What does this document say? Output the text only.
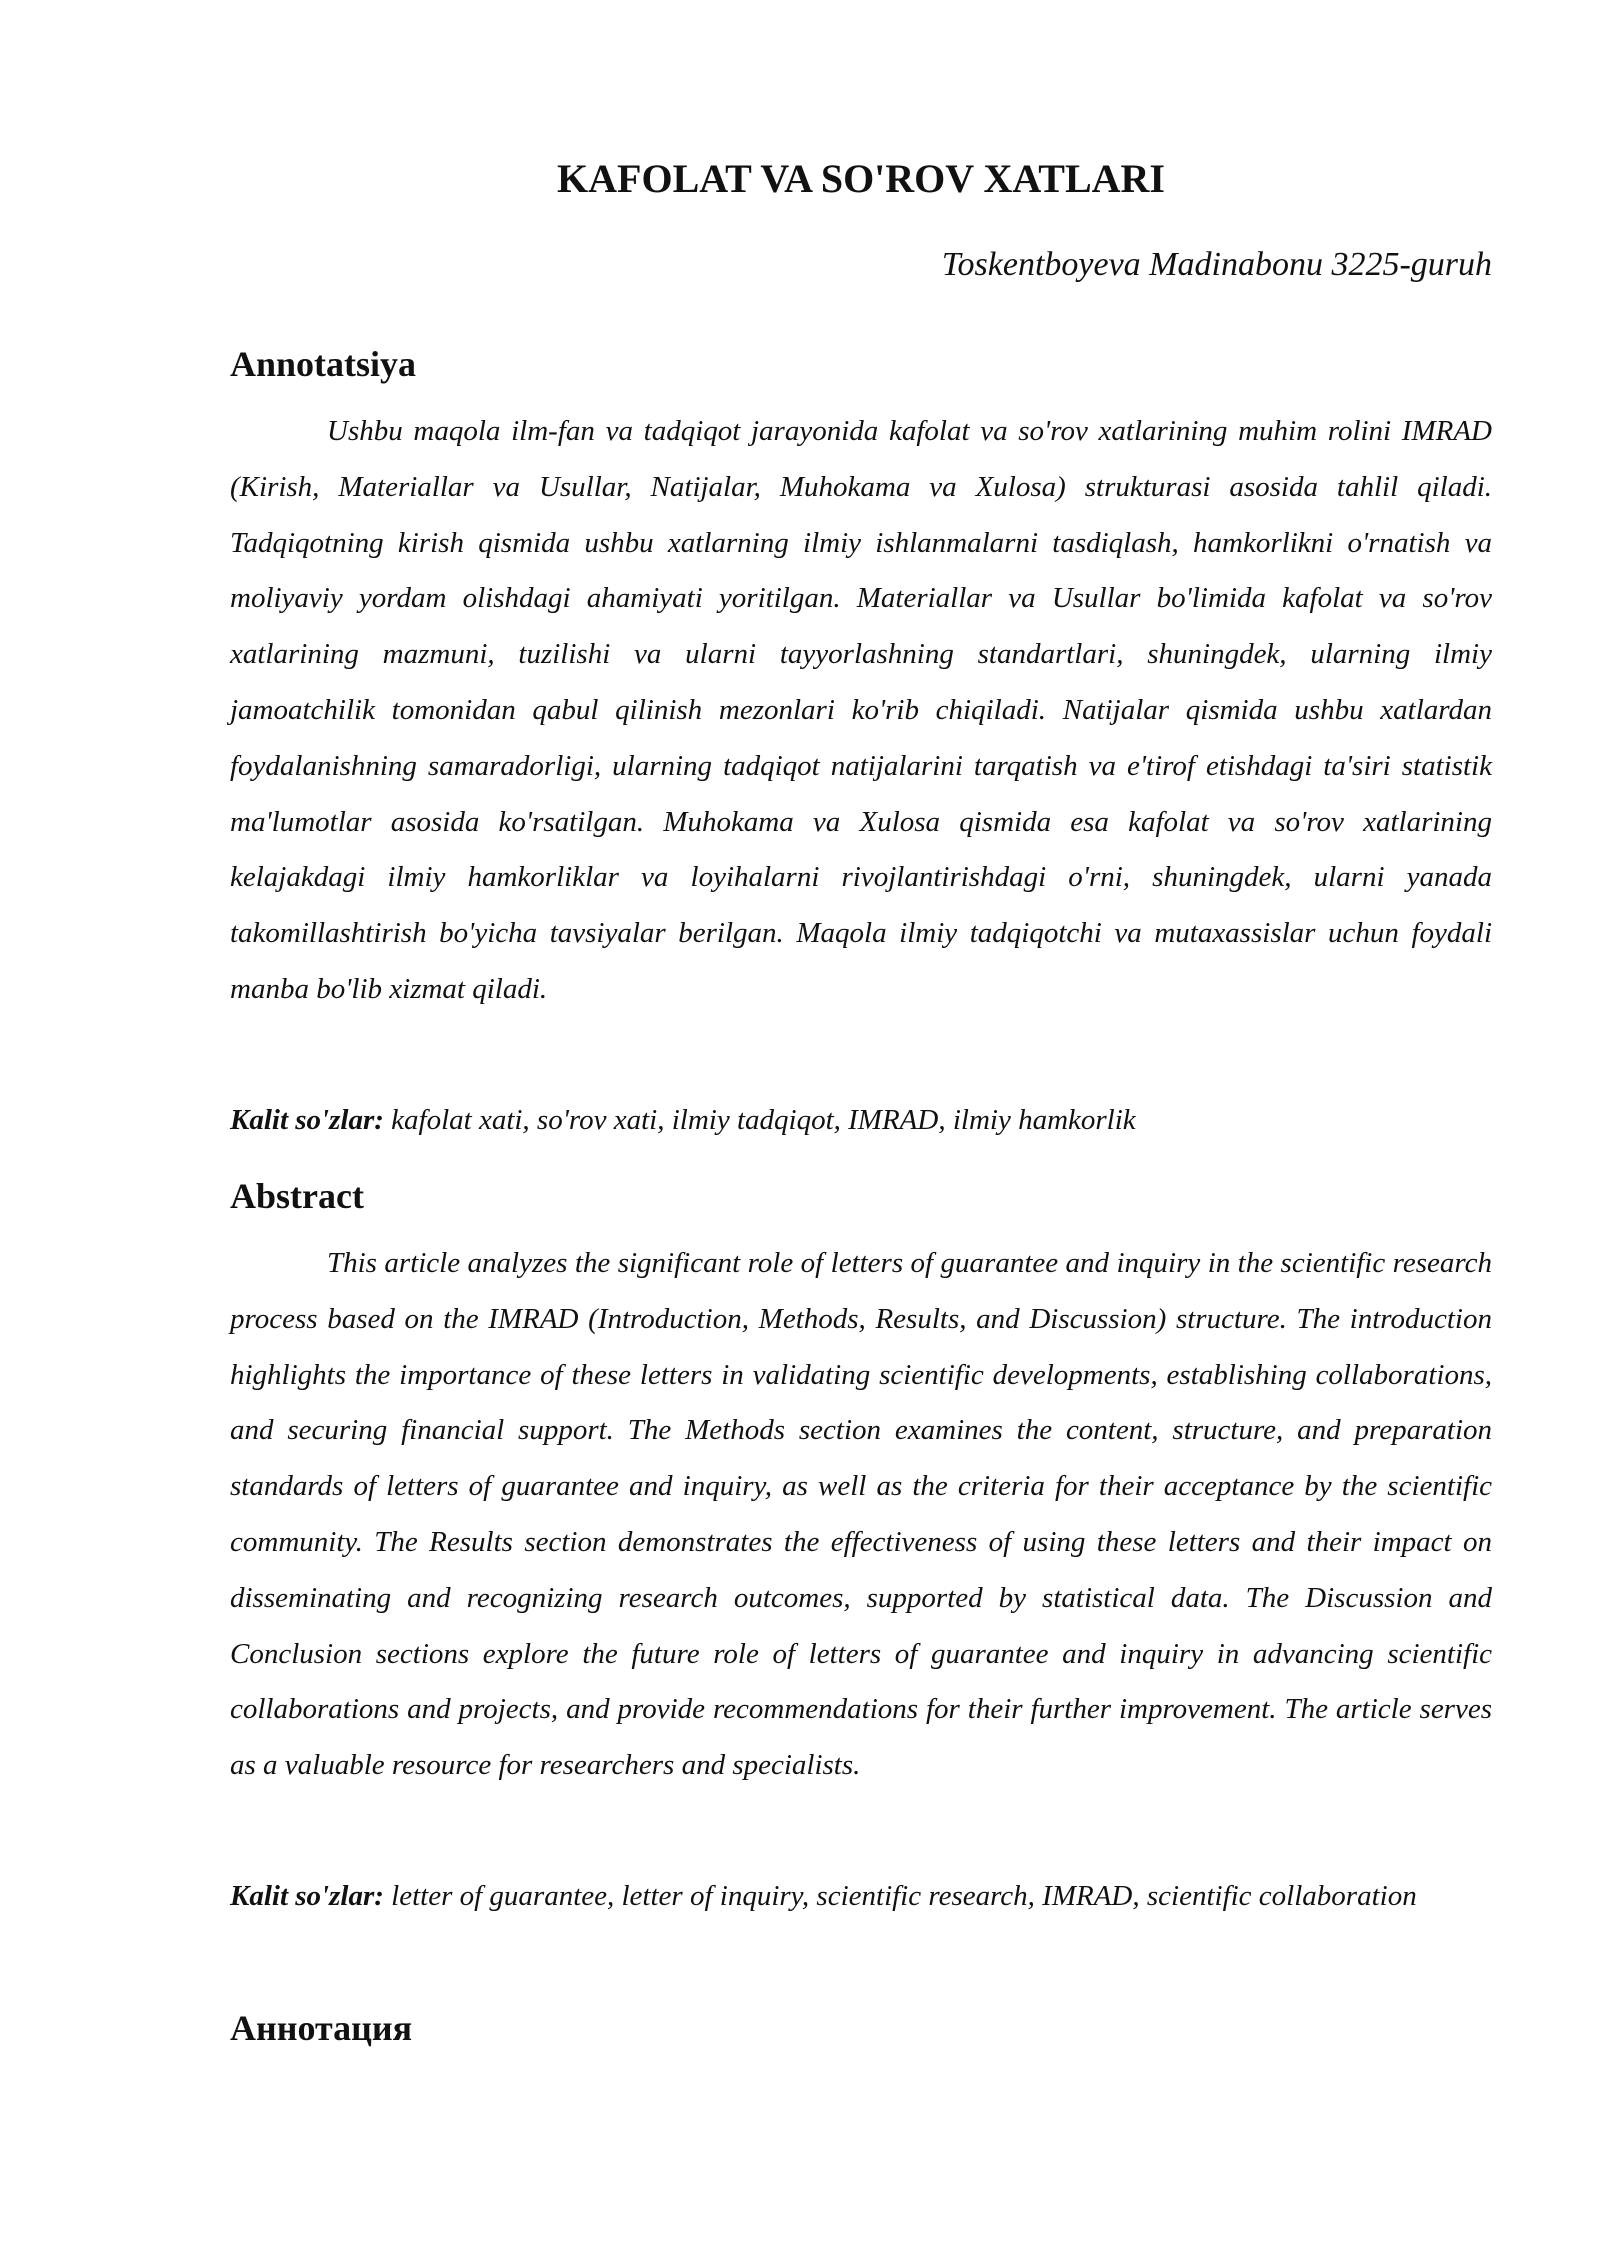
KAFOLAT VA SO'ROV XATLARI

Toskentboyeva Madinabonu 3225-guruh

Annotatsiya

Ushbu maqola ilm-fan va tadqiqot jarayonida kafolat va so'rov xatlarining muhim rolini IMRAD (Kirish, Materiallar va Usullar, Natijalar, Muhokama va Xulosa) strukturasi asosida tahlil qiladi. Tadqiqotning kirish qismida ushbu xatlarning ilmiy ishlanmalarni tasdiqlash, hamkorlikni o'rnatish va moliyaviy yordam olishdagi ahamiyati yoritilgan. Materiallar va Usullar bo'limida kafolat va so'rov xatlarining mazmuni, tuzilishi va ularni tayyorlashning standartlari, shuningdek, ularning ilmiy jamoatchilik tomonidan qabul qilinish mezonlari ko'rib chiqiladi. Natijalar qismida ushbu xatlardan foydalanishning samaradorligi, ularning tadqiqot natijalarini tarqatish va e'tirof etishdagi ta'siri statistik ma'lumotlar asosida ko'rsatilgan. Muhokama va Xulosa qismida esa kafolat va so'rov xatlarining kelajakdagi ilmiy hamkorliklar va loyihalarni rivojlantirishdagi o'rni, shuningdek, ularni yanada takomillashtirish bo'yicha tavsiyalar berilgan. Maqola ilmiy tadqiqotchi va mutaxassislar uchun foydali manba bo'lib xizmat qiladi.

Kalit so'zlar: kafolat xati, so'rov xati, ilmiy tadqiqot, IMRAD, ilmiy hamkorlik

Abstract

This article analyzes the significant role of letters of guarantee and inquiry in the scientific research process based on the IMRAD (Introduction, Methods, Results, and Discussion) structure. The introduction highlights the importance of these letters in validating scientific developments, establishing collaborations, and securing financial support. The Methods section examines the content, structure, and preparation standards of letters of guarantee and inquiry, as well as the criteria for their acceptance by the scientific community. The Results section demonstrates the effectiveness of using these letters and their impact on disseminating and recognizing research outcomes, supported by statistical data. The Discussion and Conclusion sections explore the future role of letters of guarantee and inquiry in advancing scientific collaborations and projects, and provide recommendations for their further improvement. The article serves as a valuable resource for researchers and specialists.

Kalit so'zlar: letter of guarantee, letter of inquiry, scientific research, IMRAD, scientific collaboration

Аннотация
